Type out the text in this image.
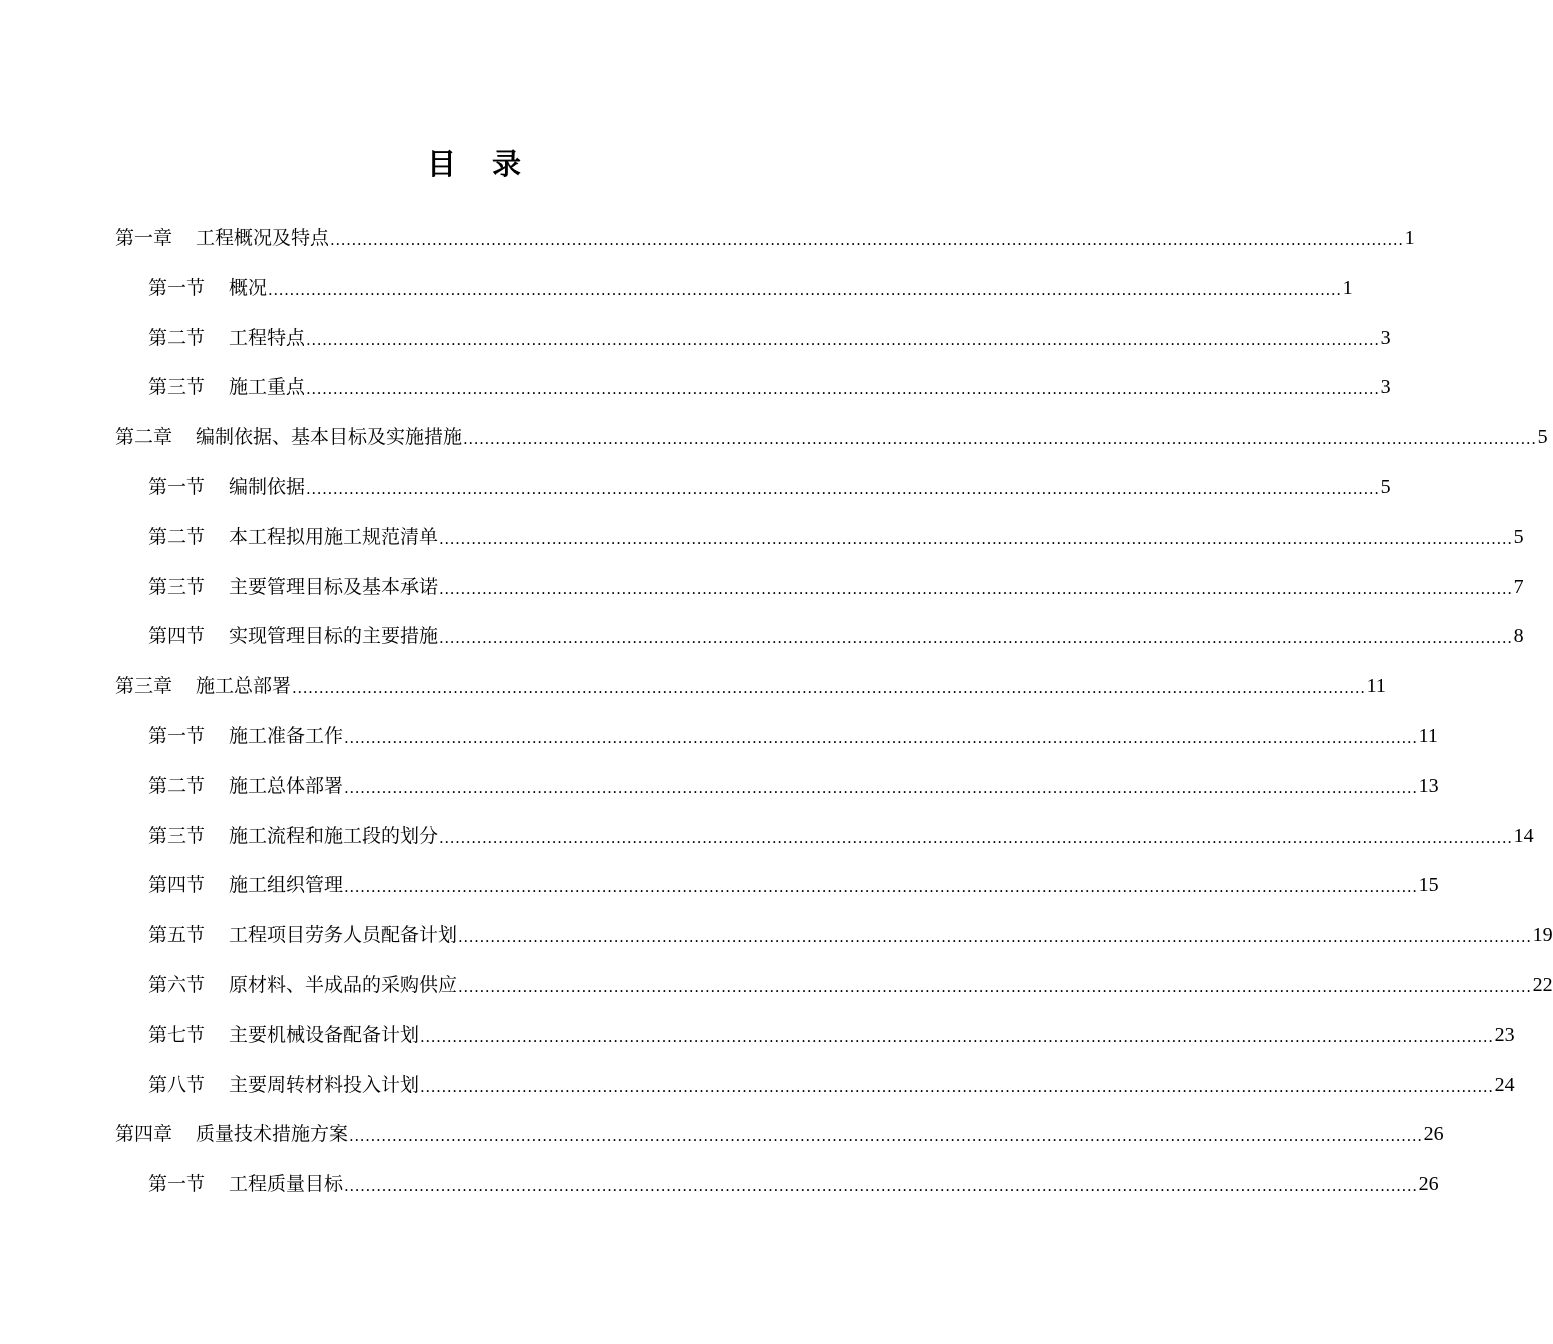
目 录
第一章 工程概况及特点 ........................................................................................................................................................................................................ 1
第一节 概况 ........................................................................................................................................................................................................ 1
第二节 工程特点 ........................................................................................................................................................................................................ 3
第三节 施工重点 ........................................................................................................................................................................................................ 3
第二章 编制依据、基本目标及实施措施 ........................................................................................................................................................................................................ 5
第一节 编制依据 ........................................................................................................................................................................................................ 5
第二节 本工程拟用施工规范清单 ........................................................................................................................................................................................................ 5
第三节 主要管理目标及基本承诺 ........................................................................................................................................................................................................ 7
第四节 实现管理目标的主要措施 ........................................................................................................................................................................................................ 8
第三章 施工总部署 ........................................................................................................................................................................................................ 11
第一节 施工准备工作 ........................................................................................................................................................................................................ 11
第二节 施工总体部署 ........................................................................................................................................................................................................ 13
第三节 施工流程和施工段的划分 ........................................................................................................................................................................................................ 14
第四节 施工组织管理 ........................................................................................................................................................................................................ 15
第五节 工程项目劳务人员配备计划 ........................................................................................................................................................................................................ 19
第六节 原材料、半成品的采购供应 ........................................................................................................................................................................................................ 22
第七节 主要机械设备配备计划 ........................................................................................................................................................................................................ 23
第八节 主要周转材料投入计划 ........................................................................................................................................................................................................ 24
第四章 质量技术措施方案 ........................................................................................................................................................................................................ 26
第一节 工程质量目标 ........................................................................................................................................................................................................ 26
